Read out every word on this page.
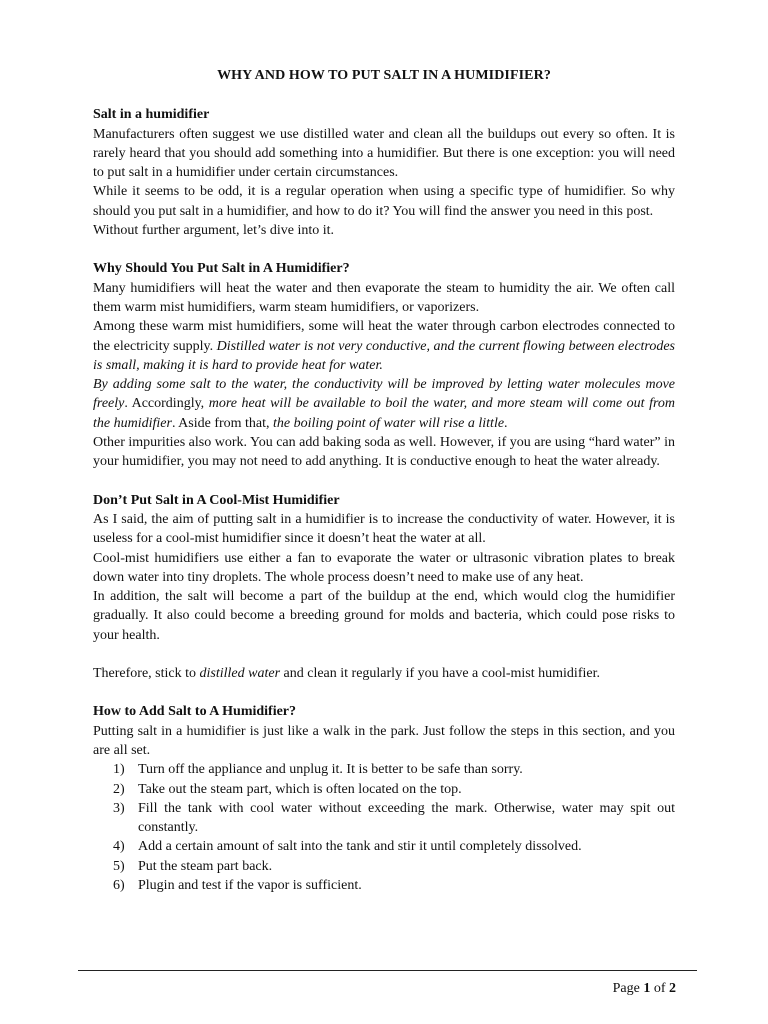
WHY AND HOW TO PUT SALT IN A HUMIDIFIER?
Salt in a humidifier

Manufacturers often suggest we use distilled water and clean all the buildups out every so often. It is rarely heard that you should add something into a humidifier. But there is one exception: you will need to put salt in a humidifier under certain circumstances.

While it seems to be odd, it is a regular operation when using a specific type of humidifier. So why should you put salt in a humidifier, and how to do it? You will find the answer you need in this post.

Without further argument, let’s dive into it.

Why Should You Put Salt in A Humidifier?

Many humidifiers will heat the water and then evaporate the steam to humidity the air. We often call them warm mist humidifiers, warm steam humidifiers, or vaporizers.

Among these warm mist humidifiers, some will heat the water through carbon electrodes connected to the electricity supply. Distilled water is not very conductive, and the current flowing between electrodes is small, making it is hard to provide heat for water.

By adding some salt to the water, the conductivity will be improved by letting water molecules move freely. Accordingly, more heat will be available to boil the water, and more steam will come out from the humidifier. Aside from that, the boiling point of water will rise a little.

Other impurities also work. You can add baking soda as well. However, if you are using “hard water” in your humidifier, you may not need to add anything. It is conductive enough to heat the water already.

Don’t Put Salt in A Cool-Mist Humidifier

As I said, the aim of putting salt in a humidifier is to increase the conductivity of water. However, it is useless for a cool-mist humidifier since it doesn’t heat the water at all.

Cool-mist humidifiers use either a fan to evaporate the water or ultrasonic vibration plates to break down water into tiny droplets. The whole process doesn’t need to make use of any heat.

In addition, the salt will become a part of the buildup at the end, which would clog the humidifier gradually. It also could become a breeding ground for molds and bacteria, which could pose risks to your health.

Therefore, stick to distilled water and clean it regularly if you have a cool-mist humidifier.

How to Add Salt to A Humidifier?

Putting salt in a humidifier is just like a walk in the park. Just follow the steps in this section, and you are all set.

1) Turn off the appliance and unplug it. It is better to be safe than sorry.
2) Take out the steam part, which is often located on the top.
3) Fill the tank with cool water without exceeding the mark. Otherwise, water may spit out constantly.
4) Add a certain amount of salt into the tank and stir it until completely dissolved.
5) Put the steam part back.
6) Plugin and test if the vapor is sufficient.
Page 1 of 2
